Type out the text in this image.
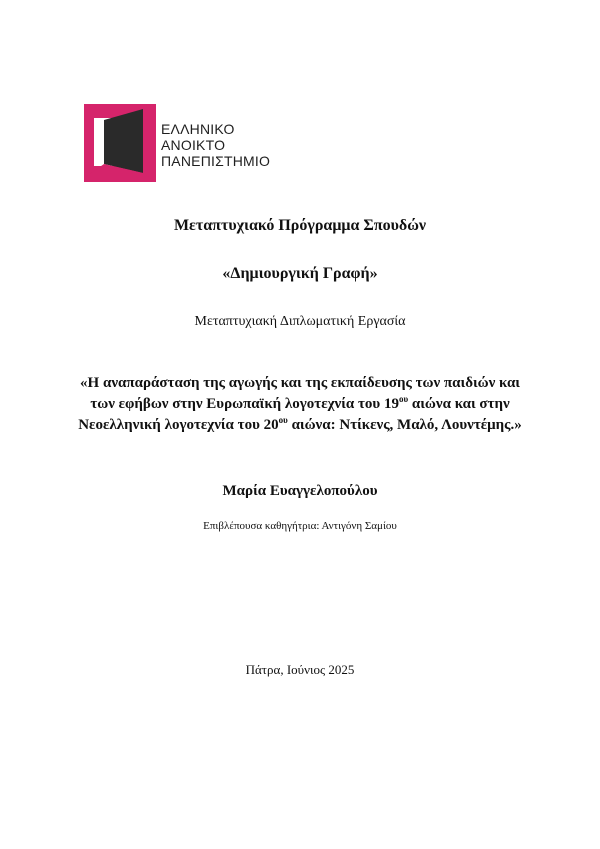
ΕΛΛΗΝΙΚΟ
ΑΝΟΙΚΤΟ
ΠΑΝΕΠΙΣΤΗΜΙΟ
Μεταπτυχιακό Πρόγραμμα Σπουδών
«Δημιουργική Γραφή»
Μεταπτυχιακή Διπλωματική Εργασία
«Η αναπαράσταση της αγωγής και της εκπαίδευσης των παιδιών και των εφήβων στην Ευρωπαϊκή λογοτεχνία του $19^{o\upsilon}$ αιώνα και στην Νεοελληνική λογοτεχνία του $20^{o\upsilon}$ αιώνα: Ντίκενς, Μαλό, Λουντέμης.»
Μαρία Ευαγγελοπούλου
Επιβλέπουσα καθηγήτρια: Αντιγόνη Σαμίου
Πάτρα, Ιούνιος 2025
